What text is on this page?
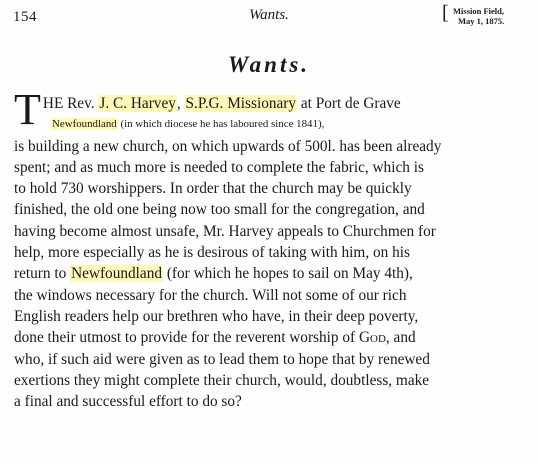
154	Wants.	[ Mission Field,
May 1, 1875.
Wants.
T HE Rev. J. C. Harvey, S.P.G. Missionary at Port de Grave
Newfoundland (in which diocese he has laboured since 1841),
is building a new church, on which upwards of 500l. has been already
spent; and as much more is needed to complete the fabric, which is
to hold 730 worshippers. In order that the church may be quickly
finished, the old one being now too small for the congregation, and
having become almost unsafe, Mr. Harvey appeals to Churchmen for
help, more especially as he is desirous of taking with him, on his
return to Newfoundland (for which he hopes to sail on May 4th),
the windows necessary for the church. Will not some of our rich
English readers help our brethren who have, in their deep poverty,
done their utmost to provide for the reverent worship of God, and
who, if such aid were given as to lead them to hope that by renewed
exertions they might complete their church, would, doubtless, make
a final and successful effort to do so?
